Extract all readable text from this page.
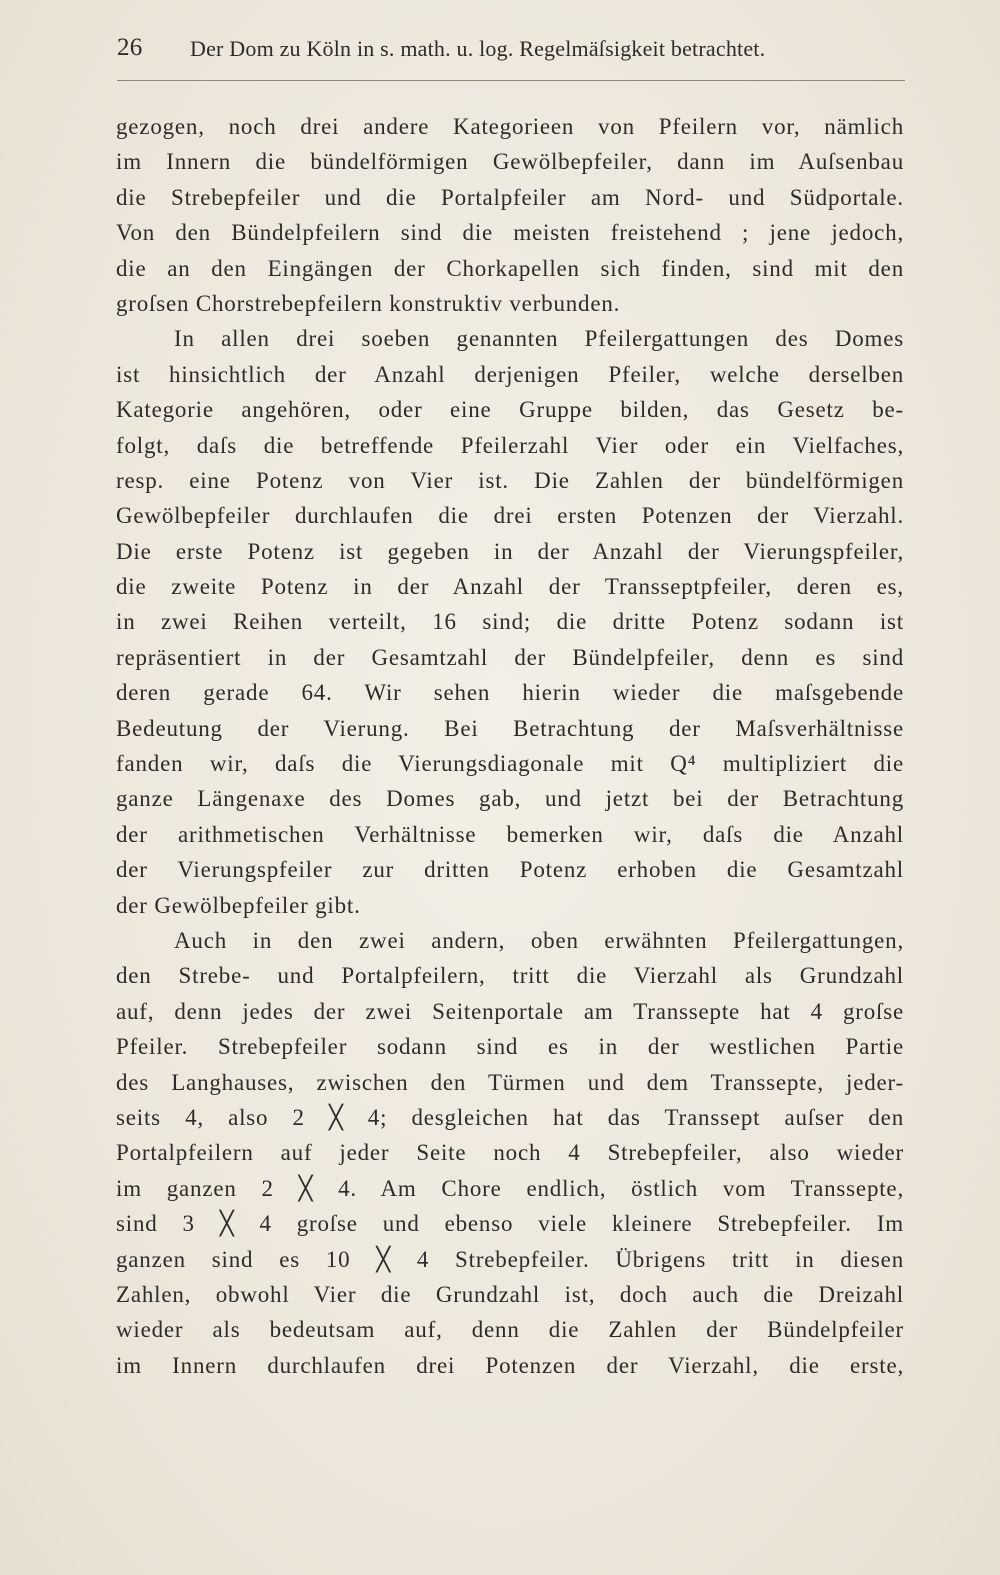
26 Der Dom zu Köln in s. math. u. log. Regelmäſsigkeit betrachtet.
gezogen, noch drei andere Kategorieen von Pfeilern vor, nämlich
im Innern die bündelförmigen Gewölbepfeiler, dann im Auſsenbau
die Strebepfeiler und die Portalpfeiler am Nord- und Südportale.
Von den Bündelpfeilern sind die meisten freistehend ; jene jedoch,
die an den Eingängen der Chorkapellen sich finden, sind mit den
groſsen Chorstrebepfeilern konstruktiv verbunden.
In allen drei soeben genannten Pfeilergattungen des Domes
ist hinsichtlich der Anzahl derjenigen Pfeiler, welche derselben
Kategorie angehören, oder eine Gruppe bilden, das Gesetz be-
folgt, daſs die betreffende Pfeilerzahl Vier oder ein Vielfaches,
resp. eine Potenz von Vier ist. Die Zahlen der bündelförmigen
Gewölbepfeiler durchlaufen die drei ersten Potenzen der Vierzahl.
Die erste Potenz ist gegeben in der Anzahl der Vierungspfeiler,
die zweite Potenz in der Anzahl der Transseptpfeiler, deren es,
in zwei Reihen verteilt, 16 sind; die dritte Potenz sodann ist
repräsentiert in der Gesamtzahl der Bündelpfeiler, denn es sind
deren gerade 64. Wir sehen hierin wieder die maſsgebende
Bedeutung der Vierung. Bei Betrachtung der Maſsverhältnisse
fanden wir, daſs die Vierungsdiagonale mit Q⁴ multipliziert die
ganze Längenaxe des Domes gab, und jetzt bei der Betrachtung
der arithmetischen Verhältnisse bemerken wir, daſs die Anzahl
der Vierungspfeiler zur dritten Potenz erhoben die Gesamtzahl
der Gewölbepfeiler gibt.
Auch in den zwei andern, oben erwähnten Pfeilergattungen,
den Strebe- und Portalpfeilern, tritt die Vierzahl als Grundzahl
auf, denn jedes der zwei Seitenportale am Transsepte hat 4 groſse
Pfeiler. Strebepfeiler sodann sind es in der westlichen Partie
des Langhauses, zwischen den Türmen und dem Transsepte, jeder-
seits 4, also 2 ╳ 4; desgleichen hat das Transsept auſser den
Portalpfeilern auf jeder Seite noch 4 Strebepfeiler, also wieder
im ganzen 2 ╳ 4. Am Chore endlich, östlich vom Transsepte,
sind 3 ╳ 4 groſse und ebenso viele kleinere Strebepfeiler. Im
ganzen sind es 10 ╳ 4 Strebepfeiler. Übrigens tritt in diesen
Zahlen, obwohl Vier die Grundzahl ist, doch auch die Dreizahl
wieder als bedeutsam auf, denn die Zahlen der Bündelpfeiler
im Innern durchlaufen drei Potenzen der Vierzahl, die erste,
